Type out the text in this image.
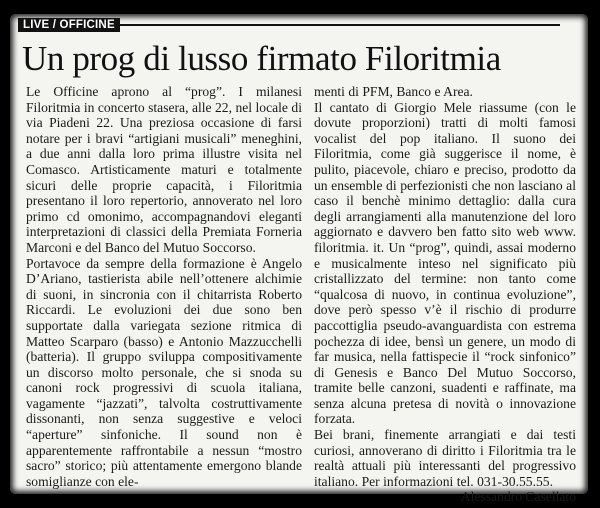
LIVE / OFFICINE
Un prog di lusso firmato Filoritmia

Le Officine aprono al “prog”. I milanesi Filoritmia in concerto stasera, alle 22, nel locale di via Piadeni 22. Una preziosa occasione di farsi notare per i bravi “artigiani musicali” meneghini, a due anni dalla loro prima illustre visita nel Comasco. Artisticamente maturi e totalmente sicuri delle proprie capacità, i Filoritmia presentano il loro repertorio, annoverato nel loro primo cd omonimo, accompagnandovi eleganti interpretazioni di classici della Premiata Forneria Marconi e del Banco del Mutuo Soccorso.

Portavoce da sempre della formazione è Angelo D’Ariano, tastierista abile nell’ottenere alchimie di suoni, in sincronia con il chitarrista Roberto Riccardi. Le evoluzioni dei due sono ben supportate dalla variegata sezione ritmica di Matteo Scarparo (basso) e Antonio Mazzucchelli (batteria). Il gruppo sviluppa compositivamente un discorso molto personale, che si snoda su canoni rock progressivi di scuola italiana, vagamente “jazzati”, talvolta costruttivamente dissonanti, non senza suggestive e veloci “aperture” sinfoniche. Il sound non è apparentemente raffrontabile a nessun “mostro sacro” storico; più attentamente emergono blande somiglianze con ele-

menti di PFM, Banco e Area.

Il cantato di Giorgio Mele riassume (con le dovute proporzioni) tratti di molti famosi vocalist del pop italiano. Il suono dei Filoritmia, come già suggerisce il nome, è pulito, piacevole, chiaro e preciso, prodotto da un ensemble di perfezionisti che non lasciano al caso il benchè minimo dettaglio: dalla cura degli arrangiamenti alla manutenzione del loro aggiornato e davvero ben fatto sito web www. filoritmia. it. Un “prog”, quindi, assai moderno e musicalmente inteso nel significato più cristallizzato del termine: non tanto come “qualcosa di nuovo, in continua evoluzione”, dove però spesso v’è il rischio di produrre paccottiglia pseudo-avanguardista con estrema pochezza di idee, bensì un genere, un modo di far musica, nella fattispecie il “rock sinfonico” di Genesis e Banco Del Mutuo Soccorso, tramite belle canzoni, suadenti e raffinate, ma senza alcuna pretesa di novità o innovazione forzata.

Bei brani, finemente arrangiati e dai testi curiosi, annoverano di diritto i Filoritmia tra le realtà attuali più interessanti del progressivo italiano. Per informazioni tel. 031-30.55.55.

Alessandro Casellato
